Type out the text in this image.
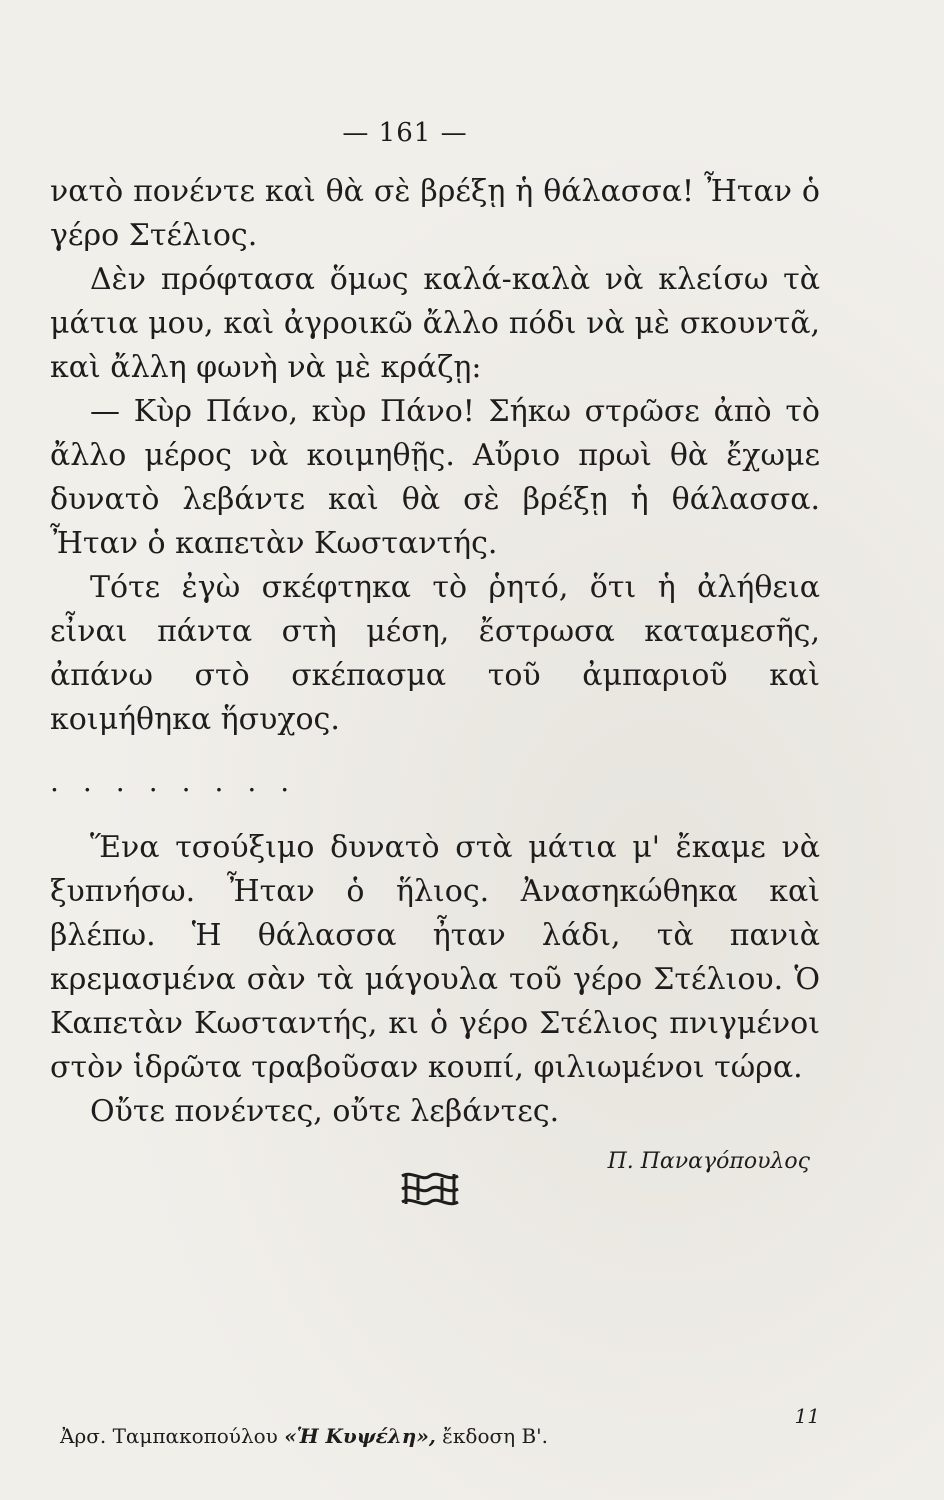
— 161 —

νατὸ πονέντε καὶ θὰ σὲ βρέξῃ ἡ θάλασσα! Ἦταν ὁ γέρο Στέλιος.

Δὲν πρόφτασα ὅμως καλά-καλὰ νὰ κλείσω τὰ μάτια μου, καὶ ἀγροικῶ ἄλλο πόδι νὰ μὲ σκουντᾶ, καὶ ἄλλη φωνὴ νὰ μὲ κράζῃ:

— Κὺρ Πάνο, κὺρ Πάνο! Σήκω στρῶσε ἀπὸ τὸ ἄλλο μέρος νὰ κοιμηθῇς. Αὔριο πρωὶ θὰ ἔχωμε δυνατὸ λεβάντε καὶ θὰ σὲ βρέξῃ ἡ θάλασσα. Ἦταν ὁ καπετὰν Κωσταντής.

Τότε ἐγὼ σκέφτηκα τὸ ῥητό, ὅτι ἡ ἀλήθεια εἶναι πάντα στὴ μέση, ἔστρωσα καταμεσῆς, ἀπάνω στὸ σκέπασμα τοῦ ἀμπαριοῦ καὶ κοιμήθηκα ἥσυχος.

........

Ἕνα τσούξιμο δυνατὸ στὰ μάτια μ' ἔκαμε νὰ ξυπνήσω. Ἦταν ὁ ἥλιος. Ἀνασηκώθηκα καὶ βλέπω. Ἡ θάλασσα ἦταν λάδι, τὰ πανιὰ κρεμασμένα σὰν τὰ μάγουλα τοῦ γέρο Στέλιου. Ὁ Καπετὰν Κωσταντής, κι ὁ γέρο Στέλιος πνιγμένοι στὸν ἱδρῶτα τραβοῦσαν κουπί, φιλιωμένοι τώρα.

Οὔτε πονέντες, οὔτε λεβάντες.

Π. Παναγόπουλος
Ἀρσ. Ταμπακοπούλου «Ἡ Κυψέλη», ἔκδοση Β'.
11
